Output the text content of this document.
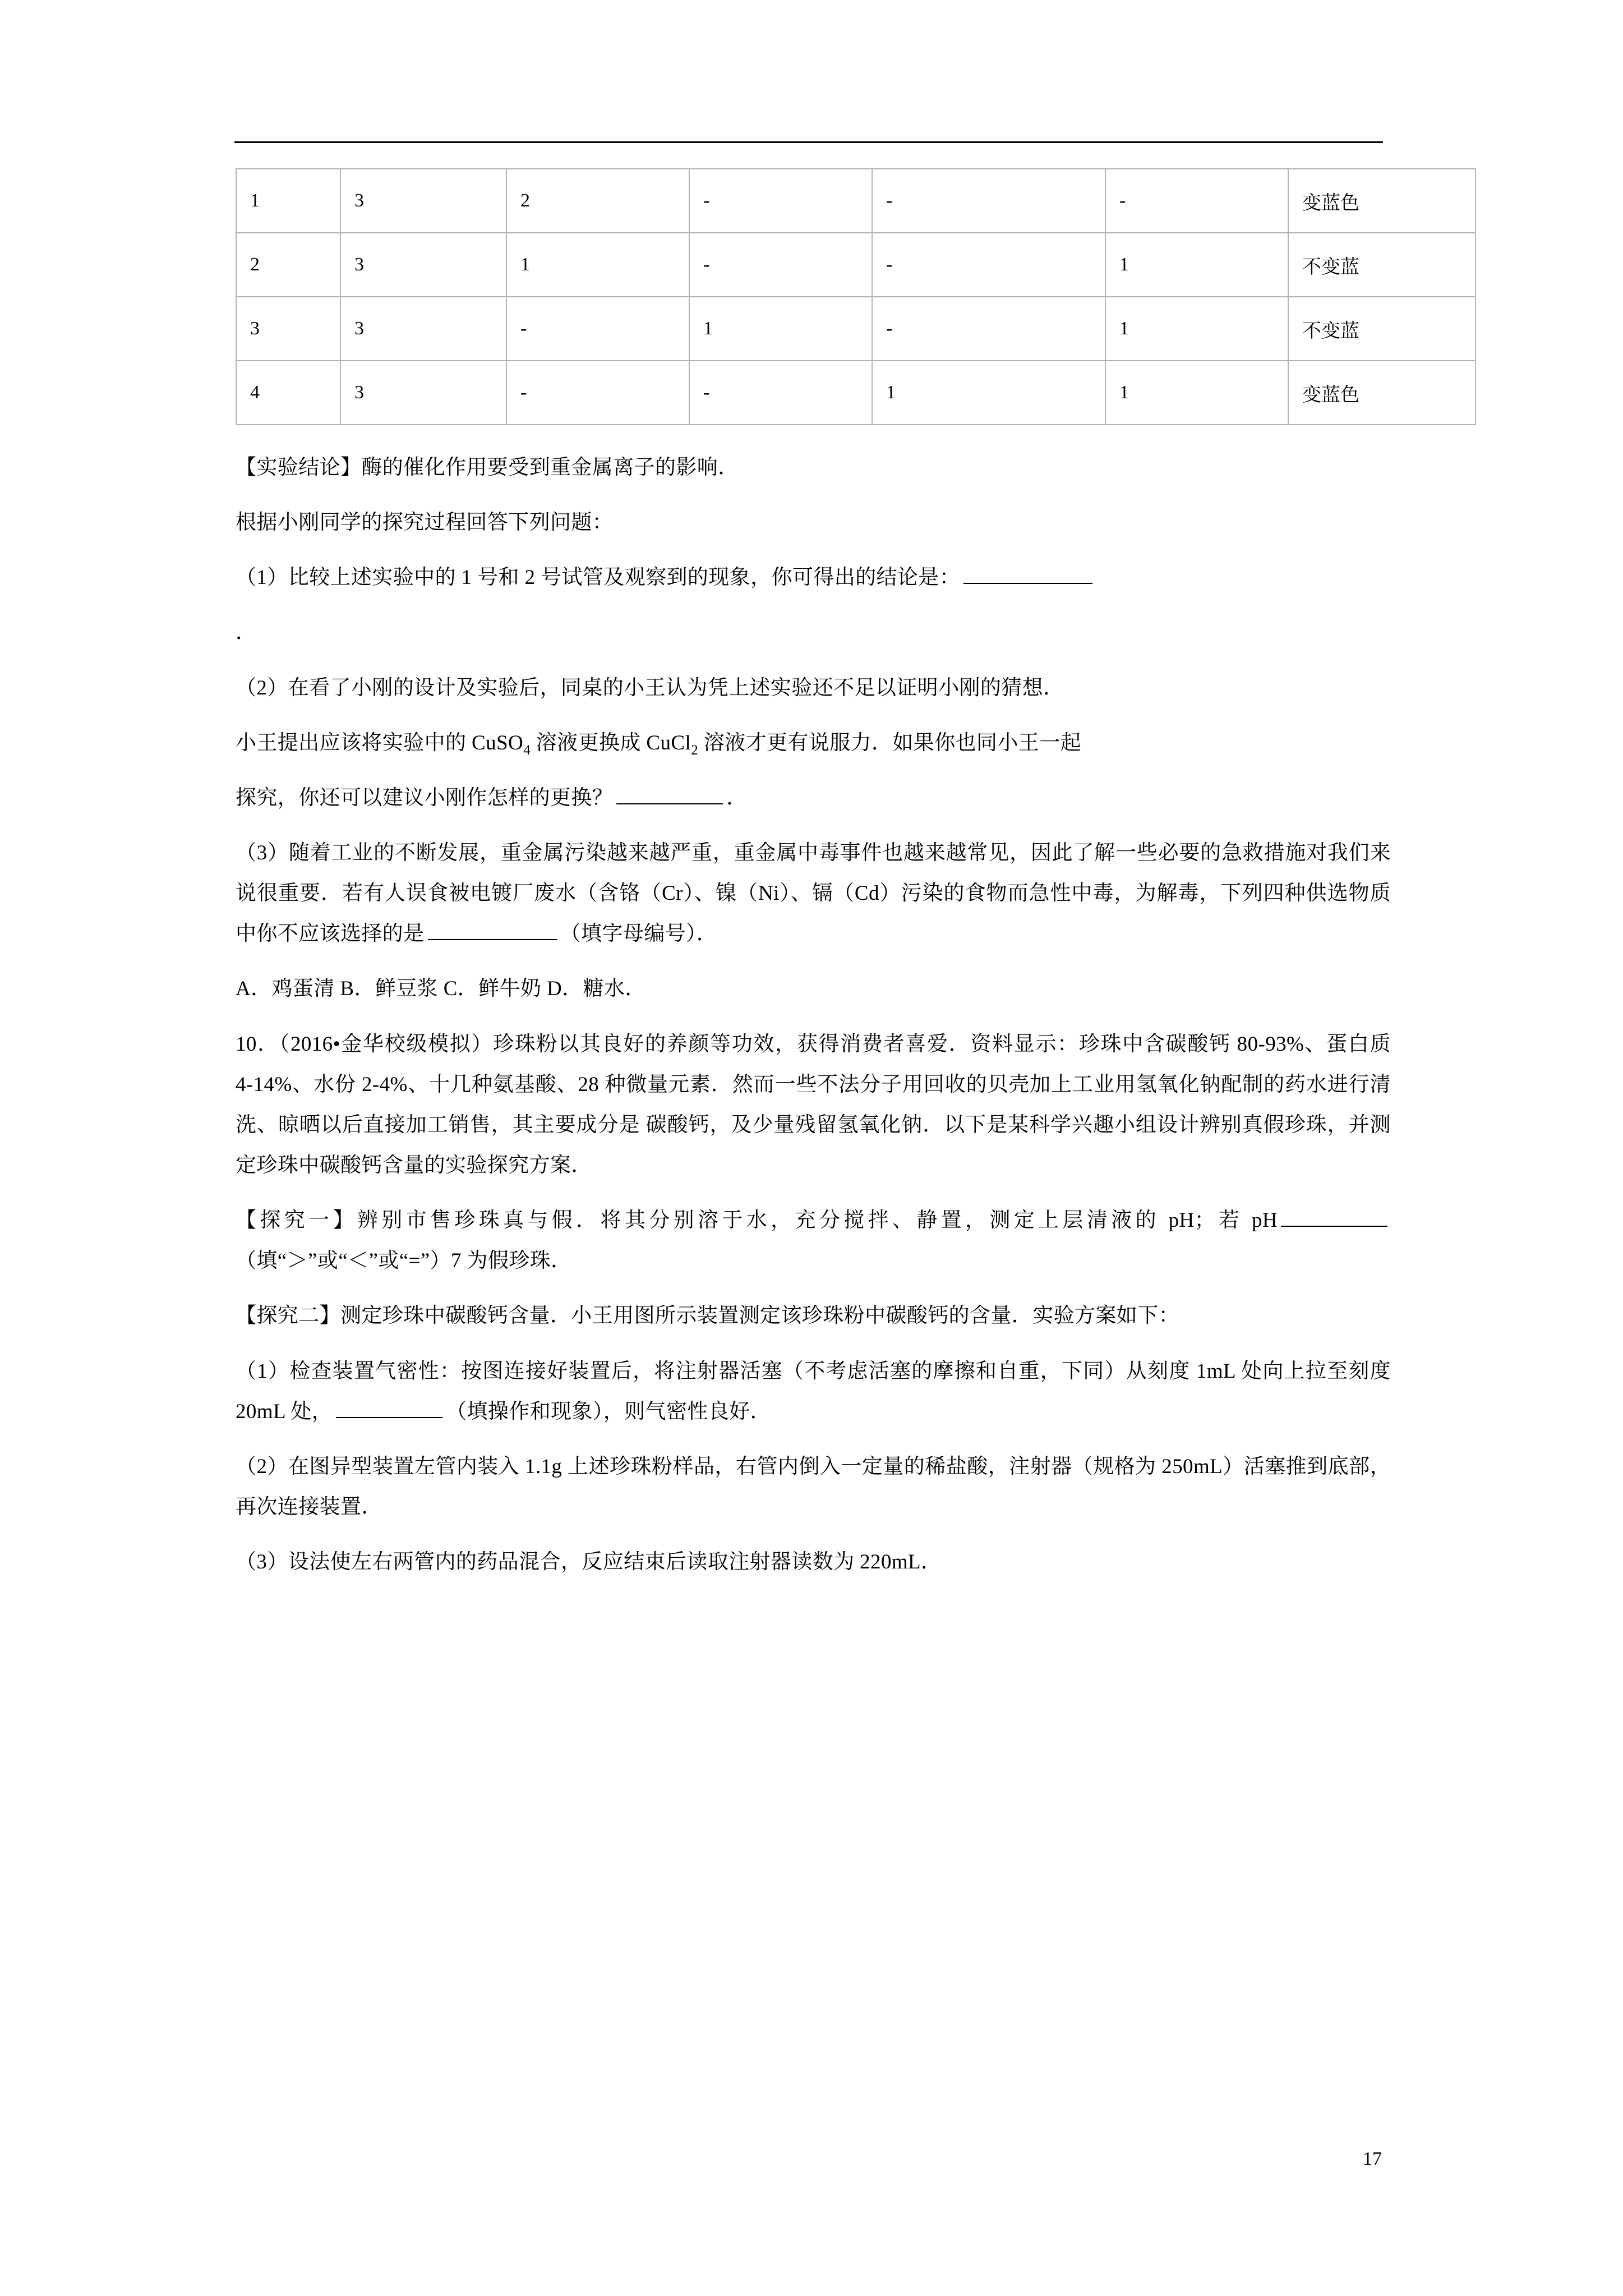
1	3	2	-	-	-	变蓝色
2	3	1	-	-	1	不变蓝
3	3	-	1	-	1	不变蓝
4	3	-	-	1	1	变蓝色

【实验结论】酶的催化作用要受到重金属离子的影响．

根据小刚同学的探究过程回答下列问题：

（1）比较上述实验中的 1 号和 2 号试管及观察到的现象，你可得出的结论是：

．

（2）在看了小刚的设计及实验后，同桌的小王认为凭上述实验还不足以证明小刚的猜想．

小王提出应该将实验中的 CuSO$_4$ 溶液更换成 CuCl$_2$ 溶液才更有说服力．如果你也同小王一起

探究，你还可以建议小刚作怎样的更换？	．

（3）随着工业的不断发展，重金属污染越来越严重，重金属中毒事件也越来越常见，因此了解一些必要的急救措施对我们来说很重要．若有人误食被电镀厂废水（含铬（Cr）、镍（Ni）、镉（Cd）污染的食物而急性中毒，为解毒，下列四种供选物质中你不应该选择的是	（填字母编号）．

A．鸡蛋清 B．鲜豆浆 C．鲜牛奶 D．糖水．

10．（2016•金华校级模拟）珍珠粉以其良好的养颜等功效，获得消费者喜爱．资料显示：珍珠中含碳酸钙 80‑93%、蛋白质 4‑14%、水份 2‑4%、十几种氨基酸、28 种微量元素．然而一些不法分子用回收的贝壳加上工业用氢氧化钠配制的药水进行清洗、晾晒以后直接加工销售，其主要成分是 碳酸钙，及少量残留氢氧化钠．以下是某科学兴趣小组设计辨别真假珍珠，并测定珍珠中碳酸钙含量的实验探究方案．

【探究一】辨别市售珍珠真与假．将其分别溶于水，充分搅拌、静置，测定上层清液的 pH；若 pH（填“＞”或“＜”或“=”）7 为假珍珠．

【探究二】测定珍珠中碳酸钙含量．小王用图所示装置测定该珍珠粉中碳酸钙的含量．实验方案如下：

（1）检查装置气密性：按图连接好装置后，将注射器活塞（不考虑活塞的摩擦和自重，下同）从刻度 1mL 处向上拉至刻度 20mL 处，	（填操作和现象），则气密性良好．

（2）在图异型装置左管内装入 1.1g 上述珍珠粉样品，右管内倒入一定量的稀盐酸，注射器（规格为 250mL）活塞推到底部，再次连接装置．

（3）设法使左右两管内的药品混合，反应结束后读取注射器读数为 220mL．

17
